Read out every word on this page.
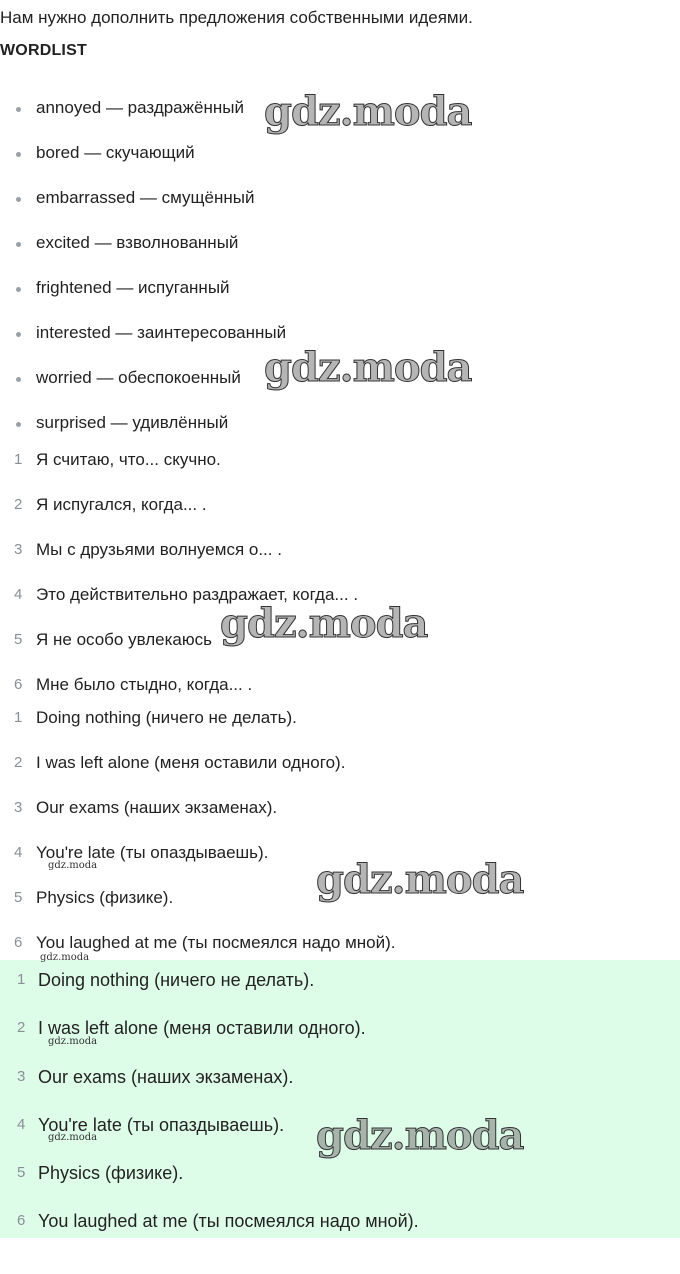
Нам нужно дополнить предложения собственными идеями.

WORDLIST

annoyed — раздражённый
bored — скучающий
embarrassed — смущённый
excited — взволнованный
frightened — испуганный
interested — заинтересованный
worried — обеспокоенный
surprised — удивлённый
1 Я считаю, что... скучно.
2 Я испугался, когда... .
3 Мы с друзьями волнуемся о... .
4 Это действительно раздражает, когда... .
5 Я не особо увлекаюсь
6 Мне было стыдно, когда... .
1 Doing nothing (ничего не делать).
2 I was left alone (меня оставили одного).
3 Our exams (наших экзаменах).
4 You're late (ты опаздываешь).
5 Physics (физике).
6 You laughed at me (ты посмеялся надо мной).
1 Doing nothing (ничего не делать).
2 I was left alone (меня оставили одного).
3 Our exams (наших экзаменах).
4 You're late (ты опаздываешь).
5 Physics (физике).
6 You laughed at me (ты посмеялся надо мной).
gdz.moda
gdz.moda
gdz.moda
gdz.moda
gdz.moda
gdz.moda
gdz.moda
gdz.moda
gdz.moda
